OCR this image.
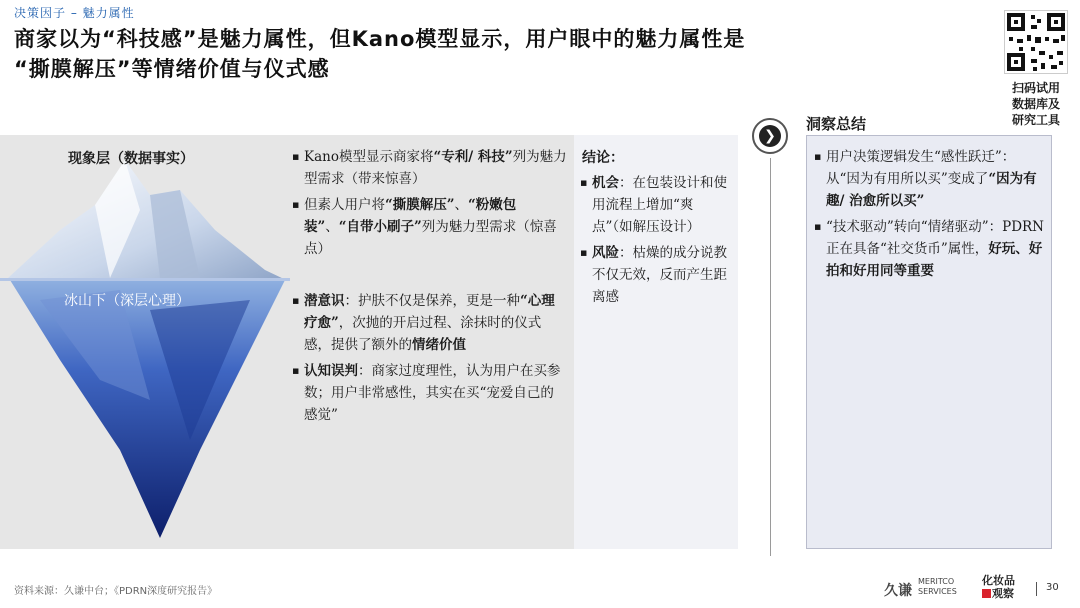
决策因子 – 魅力属性
商家以为“科技感”是魅力属性，但Kano模型显示，用户眼中的魅力属性是
“撕膜解压”等情绪价值与仪式感
扫码试用
数据库及
研究工具
现象层（数据事实）
冰山下（深层心理）
▪ Kano模型显示商家将“专利/ 科技”列为魅力型需求（带来惊喜）
▪ 但素人用户将“撕膜解压”、“粉嫩包装”、“自带小刷子”列为魅力型需求（惊喜点）
▪ 潜意识：护肤不仅是保养，更是一种“心理疗愈”，次抛的开启过程、涂抹时的仪式感，提供了额外的情绪价值
▪ 认知误判：商家过度理性，认为用户在买参数；用户非常感性，其实在买“宠爱自己的感觉”
结论：
▪ 机会：在包装设计和使用流程上增加“爽点”（如解压设计）
▪ 风险：枯燥的成分说教不仅无效，反而产生距离感
❯
洞察总结
▪ 用户决策逻辑发生“感性跃迁”：从“因为有用所以买”变成了“因为有趣/ 治愈所以买”
▪ “技术驱动”转向“情绪驱动”：PDRN正在具备“社交货币”属性，好玩、好拍和好用同等重要
资料来源：久谦中台；《PDRN深度研究报告》	久谦
MERITCO
SERVICES
化妆品
观察	30
